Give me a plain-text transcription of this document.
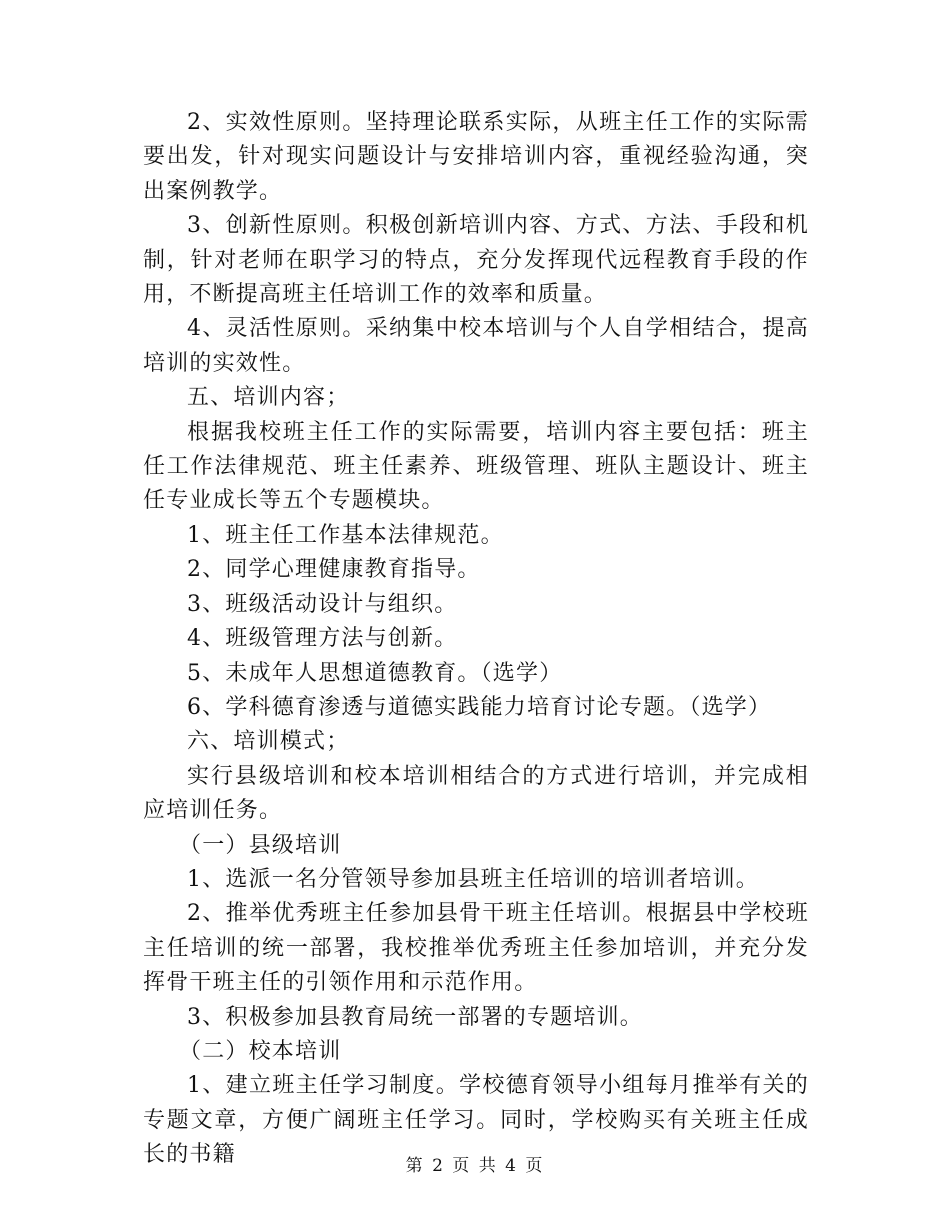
2、实效性原则。坚持理论联系实际，从班主任工作的实际需要出发，针对现实问题设计与安排培训内容，重视经验沟通，突出案例教学。

3、创新性原则。积极创新培训内容、方式、方法、手段和机制，针对老师在职学习的特点，充分发挥现代远程教育手段的作用，不断提高班主任培训工作的效率和质量。

4、灵活性原则。采纳集中校本培训与个人自学相结合，提高培训的实效性。

五、培训内容；

根据我校班主任工作的实际需要，培训内容主要包括：班主任工作法律规范、班主任素养、班级管理、班队主题设计、班主任专业成长等五个专题模块。

1、班主任工作基本法律规范。

2、同学心理健康教育指导。

3、班级活动设计与组织。

4、班级管理方法与创新。

5、未成年人思想道德教育。（选学）

6、学科德育渗透与道德实践能力培育讨论专题。（选学）

六、培训模式；

实行县级培训和校本培训相结合的方式进行培训，并完成相应培训任务。

（一）县级培训

1、选派一名分管领导参加县班主任培训的培训者培训。

2、推举优秀班主任参加县骨干班主任培训。根据县中学校班主任培训的统一部署，我校推举优秀班主任参加培训，并充分发挥骨干班主任的引领作用和示范作用。

3、积极参加县教育局统一部署的专题培训。

（二）校本培训

1、建立班主任学习制度。学校德育领导小组每月推举有关的专题文章，方便广阔班主任学习。同时，学校购买有关班主任成长的书籍	第 2 页 共 4 页
